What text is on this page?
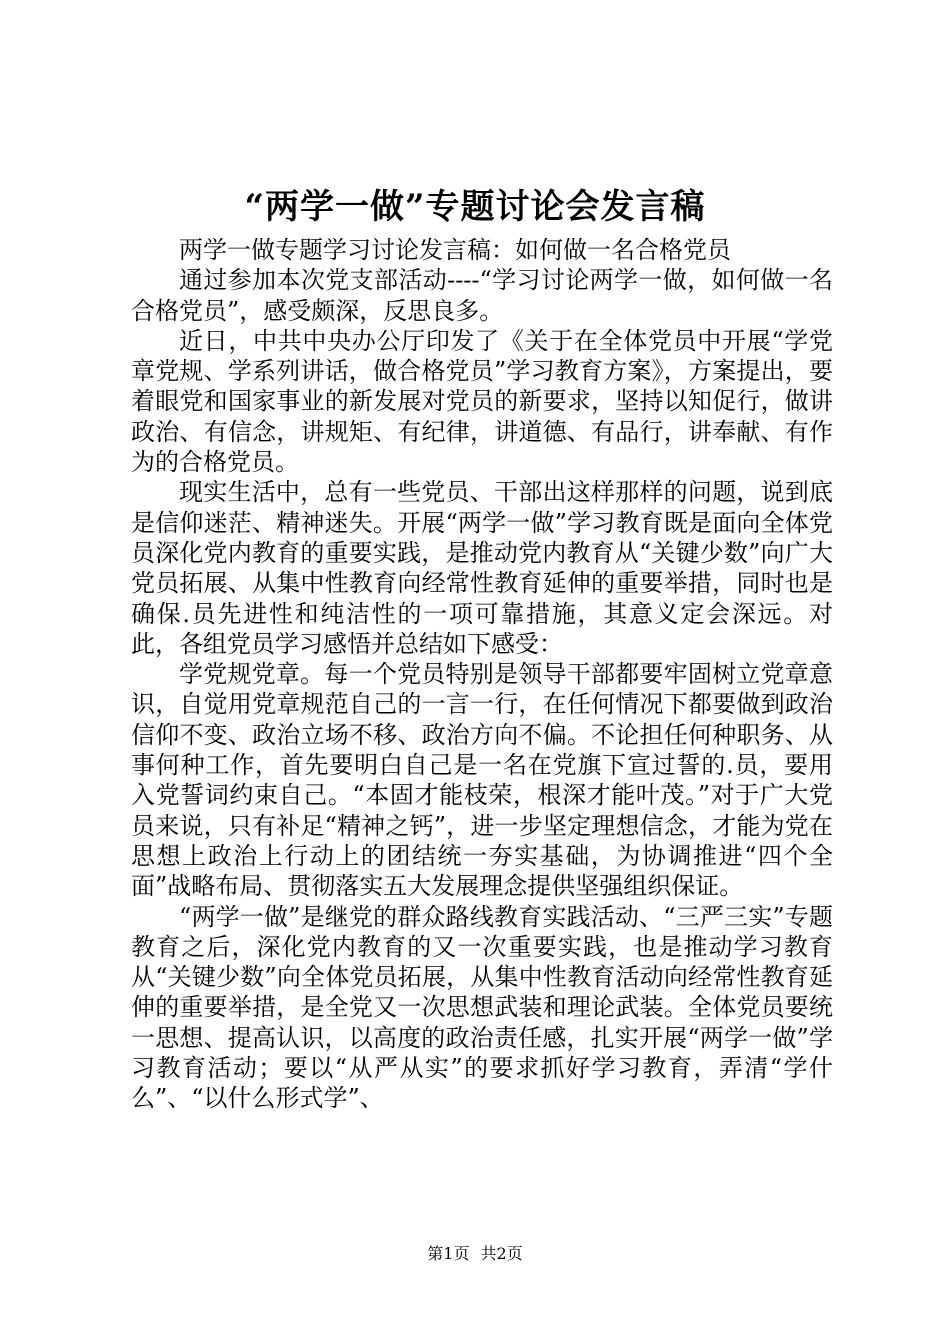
“两学一做”专题讨论会发言稿

两学一做专题学习讨论发言稿：如何做一名合格党员

通过参加本次党支部活动----“学习讨论两学一做，如何做一名合格党员”，感受颇深，反思良多。

近日，中共中央办公厅印发了《关于在全体党员中开展“学党章党规、学系列讲话，做合格党员”学习教育方案》，方案提出，要着眼党和国家事业的新发展对党员的新要求，坚持以知促行，做讲政治、有信念，讲规矩、有纪律，讲道德、有品行，讲奉献、有作为的合格党员。

现实生活中，总有一些党员、干部出这样那样的问题，说到底是信仰迷茫、精神迷失。开展“两学一做”学习教育既是面向全体党员深化党内教育的重要实践，是推动党内教育从“关键少数”向广大党员拓展、从集中性教育向经常性教育延伸的重要举措，同时也是确保.员先进性和纯洁性的一项可靠措施，其意义定会深远。对此，各组党员学习感悟并总结如下感受：

学党规党章。每一个党员特别是领导干部都要牢固树立党章意识，自觉用党章规范自己的一言一行，在任何情况下都要做到政治信仰不变、政治立场不移、政治方向不偏。不论担任何种职务、从事何种工作，首先要明白自己是一名在党旗下宣过誓的.员，要用入党誓词约束自己。“本固才能枝荣，根深才能叶茂。”对于广大党员来说，只有补足“精神之钙”，进一步坚定理想信念，才能为党在思想上政治上行动上的团结统一夯实基础，为协调推进“四个全面”战略布局、贯彻落实五大发展理念提供坚强组织保证。

“两学一做”是继党的群众路线教育实践活动、“三严三实”专题教育之后，深化党内教育的又一次重要实践，也是推动学习教育从“关键少数”向全体党员拓展，从集中性教育活动向经常性教育延伸的重要举措，是全党又一次思想武装和理论武装。全体党员要统一思想、提高认识，以高度的政治责任感，扎实开展“两学一做”学习教育活动；要以“从严从实”的要求抓好学习教育，弄清“学什么”、“以什么形式学”、

第1页 共2页
